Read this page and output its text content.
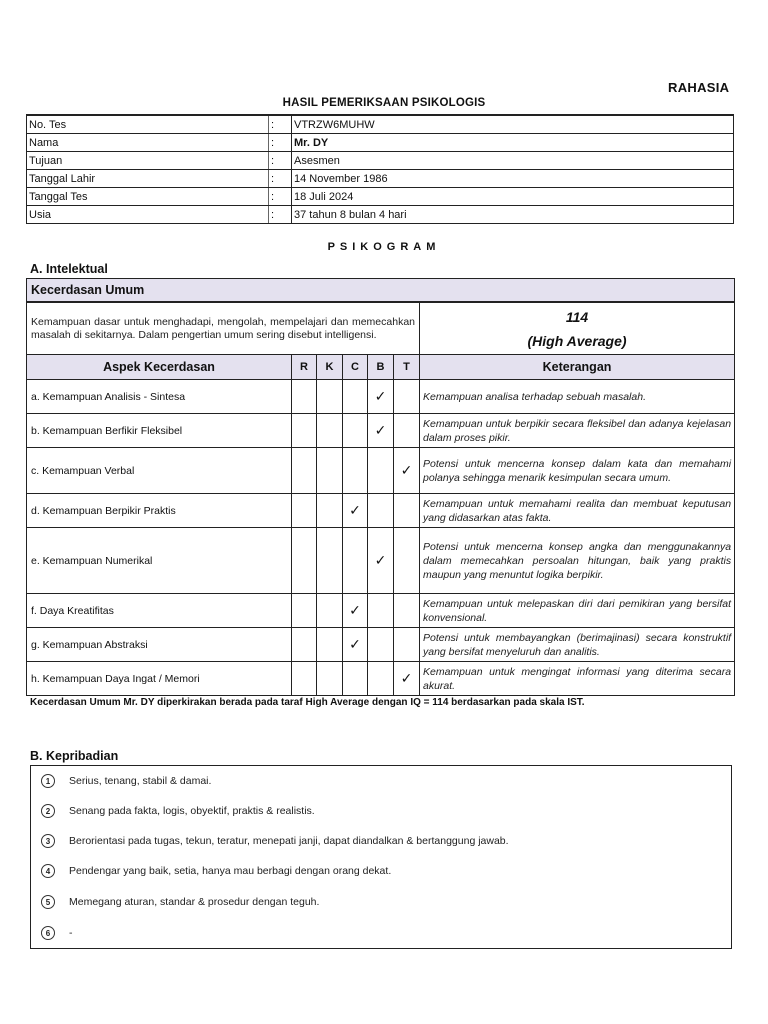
RAHASIA
HASIL PEMERIKSAAN PSIKOLOGIS
No. Tes	:	VTRZW6MUHW
Nama	:	Mr. DY
Tujuan	:	Asesmen
Tanggal Lahir	:	14 November 1986
Tanggal Tes	:	18 Juli 2024
Usia	:	37 tahun 8 bulan 4 hari
PSIKOGRAM
A. Intelektual
Kecerdasan Umum						
Kemampuan dasar untuk menghadapi, mengolah, mempelajari dan memecahkan masalah di sekitarnya. Dalam pengertian umum sering disebut intelligensi.						114
(High Average)

Aspek Kecerdasan	R	K	C	B	T	Keterangan
a. Kemampuan Analisis - Sintesa				✓		Kemampuan analisa terhadap sebuah masalah.
b. Kemampuan Berfikir Fleksibel				✓		Kemampuan untuk berpikir secara fleksibel dan adanya kejelasan dalam proses pikir.
c. Kemampuan Verbal					✓	Potensi untuk mencerna konsep dalam kata dan memahami polanya sehingga menarik kesimpulan secara umum.
d. Kemampuan Berpikir Praktis			✓			Kemampuan untuk memahami realita dan membuat keputusan yang didasarkan atas fakta.
e. Kemampuan Numerikal				✓		Potensi untuk mencerna konsep angka dan menggunakannya dalam memecahkan persoalan hitungan, baik yang praktis maupun yang menuntut logika berpikir.
f. Daya Kreatifitas			✓			Kemampuan untuk melepaskan diri dari pemikiran yang bersifat konvensional.
g. Kemampuan Abstraksi			✓			Potensi untuk membayangkan (berimajinasi) secara konstruktif yang bersifat menyeluruh dan analitis.
h. Kemampuan Daya Ingat / Memori					✓	Kemampuan untuk mengingat informasi yang diterima secara akurat.
Kecerdasan Umum Mr. DY diperkirakan berada pada taraf High Average dengan IQ = 114 berdasarkan pada skala IST.
B. Kepribadian
1 Serius, tenang, stabil & damai.
2 Senang pada fakta, logis, obyektif, praktis & realistis.
3 Berorientasi pada tugas, tekun, teratur, menepati janji, dapat diandalkan & bertanggung jawab.
4 Pendengar yang baik, setia, hanya mau berbagi dengan orang dekat.
5 Memegang aturan, standar & prosedur dengan teguh.
6 -
